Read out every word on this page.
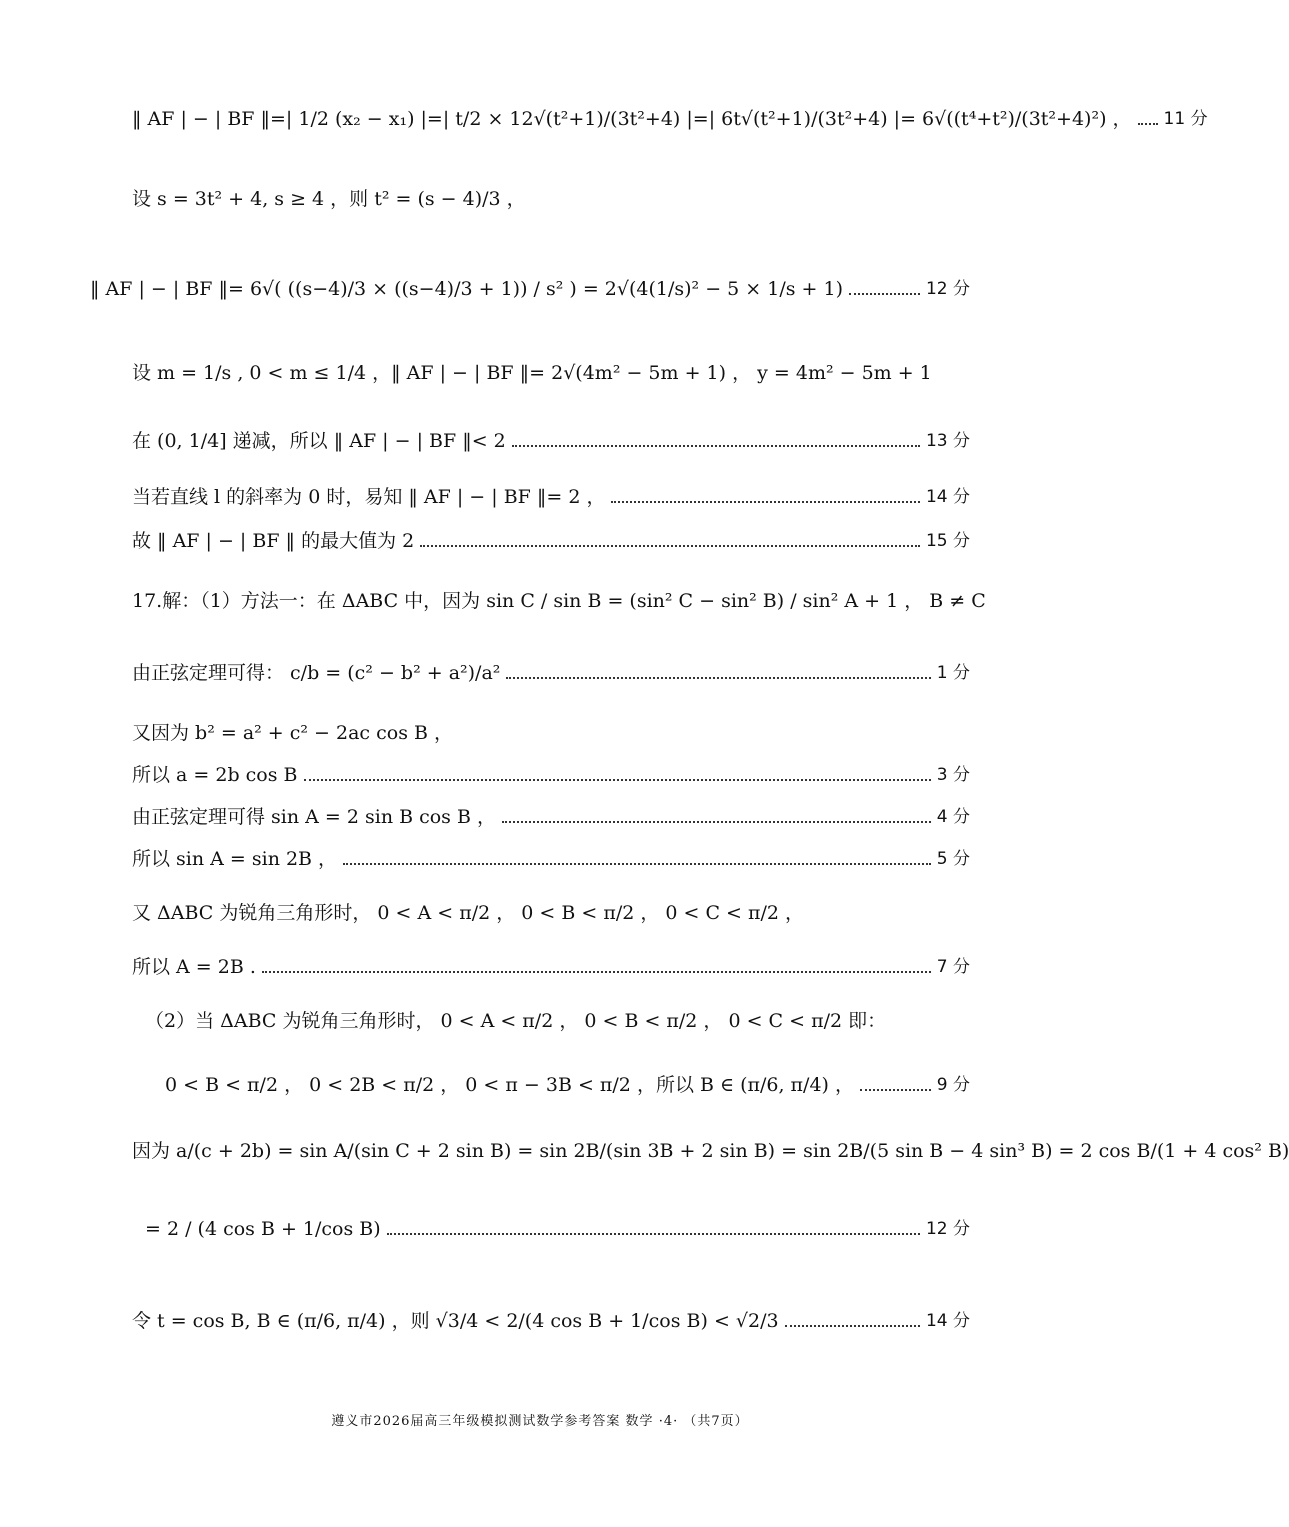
‖ AF | − | BF ‖=| 1/2 (x₂ − x₁) |=| t/2 × 12√(t²+1)/(3t²+4) |=| 6t√(t²+1)/(3t²+4) |= 6√((t⁴+t²)/(3t²+4)²) ， 11 分
设 s = 3t² + 4, s ≥ 4 ，则 t² = (s − 4)/3 ，
‖ AF | − | BF ‖= 6√( ((s−4)/3 × ((s−4)/3 + 1)) / s² ) = 2√(4(1/s)² − 5 × 1/s + 1)	12 分
设 m = 1/s , 0 < m ≤ 1/4 ，‖ AF | − | BF ‖= 2√(4m² − 5m + 1) ， y = 4m² − 5m + 1
在 (0, 1/4] 递减，所以 ‖ AF | − | BF ‖< 2	13 分
当若直线 l 的斜率为 0 时，易知 ‖ AF | − | BF ‖= 2 ，	14 分
故 ‖ AF | − | BF ‖ 的最大值为 2	15 分
17.解：（1）方法一：在 ΔABC 中，因为 sin C / sin B = (sin² C − sin² B) / sin² A + 1 ， B ≠ C
由正弦定理可得： c/b = (c² − b² + a²)/a²	1 分
又因为 b² = a² + c² − 2ac cos B ，
所以 a = 2b cos B	3 分
由正弦定理可得 sin A = 2 sin B cos B ，	4 分
所以 sin A = sin 2B ，	5 分
又 ΔABC 为锐角三角形时， 0 < A < π/2 ， 0 < B < π/2 ， 0 < C < π/2 ，
所以 A = 2B .	7 分
（2）当 ΔABC 为锐角三角形时， 0 < A < π/2 ， 0 < B < π/2 ， 0 < C < π/2 即：
0 < B < π/2 ， 0 < 2B < π/2 ， 0 < π − 3B < π/2 ，所以 B ∈ (π/6, π/4) ，	9 分
因为 a/(c + 2b) = sin A/(sin C + 2 sin B) = sin 2B/(sin 3B + 2 sin B) = sin 2B/(5 sin B − 4 sin³ B) = 2 cos B/(1 + 4 cos² B)
= 2 / (4 cos B + 1/cos B)	12 分
令 t = cos B, B ∈ (π/6, π/4) ，则 √3/4 < 2/(4 cos B + 1/cos B) < √2/3	14 分
遵义市2026届高三年级模拟测试数学参考答案 数学 ·4· （共7页）
